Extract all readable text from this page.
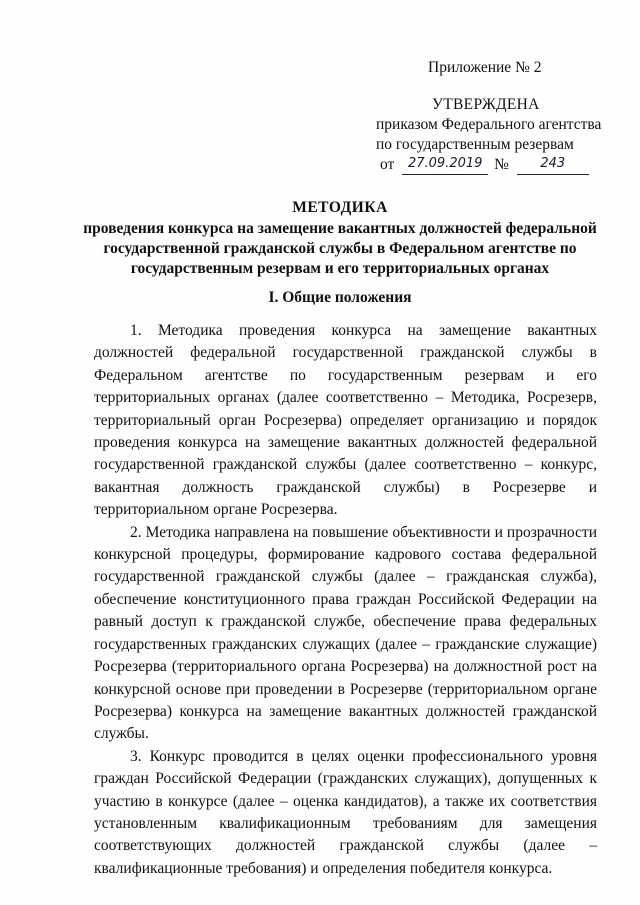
Приложение № 2
УТВЕРЖДЕНА
приказом Федерального агентства
по государственным резервам
от 27.09.2019 № 243
МЕТОДИКА
проведения конкурса на замещение вакантных должностей федеральной государственной гражданской службы в Федеральном агентстве по государственным резервам и его территориальных органах
I. Общие положения

1. Методика проведения конкурса на замещение вакантных должностей федеральной государственной гражданской службы в Федеральном агентстве по государственным резервам и его территориальных органах (далее соответственно – Методика, Росрезерв, территориальный орган Росрезерва) определяет организацию и порядок проведения конкурса на замещение вакантных должностей федеральной государственной гражданской службы (далее соответственно – конкурс, вакантная должность гражданской службы) в Росрезерве и территориальном органе Росрезерва.

2. Методика направлена на повышение объективности и прозрачности конкурсной процедуры, формирование кадрового состава федеральной государственной гражданской службы (далее – гражданская служба), обеспечение конституционного права граждан Российской Федерации на равный доступ к гражданской службе, обеспечение права федеральных государственных гражданских служащих (далее – гражданские служащие) Росрезерва (территориального органа Росрезерва) на должностной рост на конкурсной основе при проведении в Росрезерве (территориальном органе Росрезерва) конкурса на замещение вакантных должностей гражданской службы.

3. Конкурс проводится в целях оценки профессионального уровня граждан Российской Федерации (гражданских служащих), допущенных к участию в конкурсе (далее – оценка кандидатов), а также их соответствия установленным квалификационным требованиям для замещения соответствующих должностей гражданской службы (далее – квалификационные требования) и определения победителя конкурса.
